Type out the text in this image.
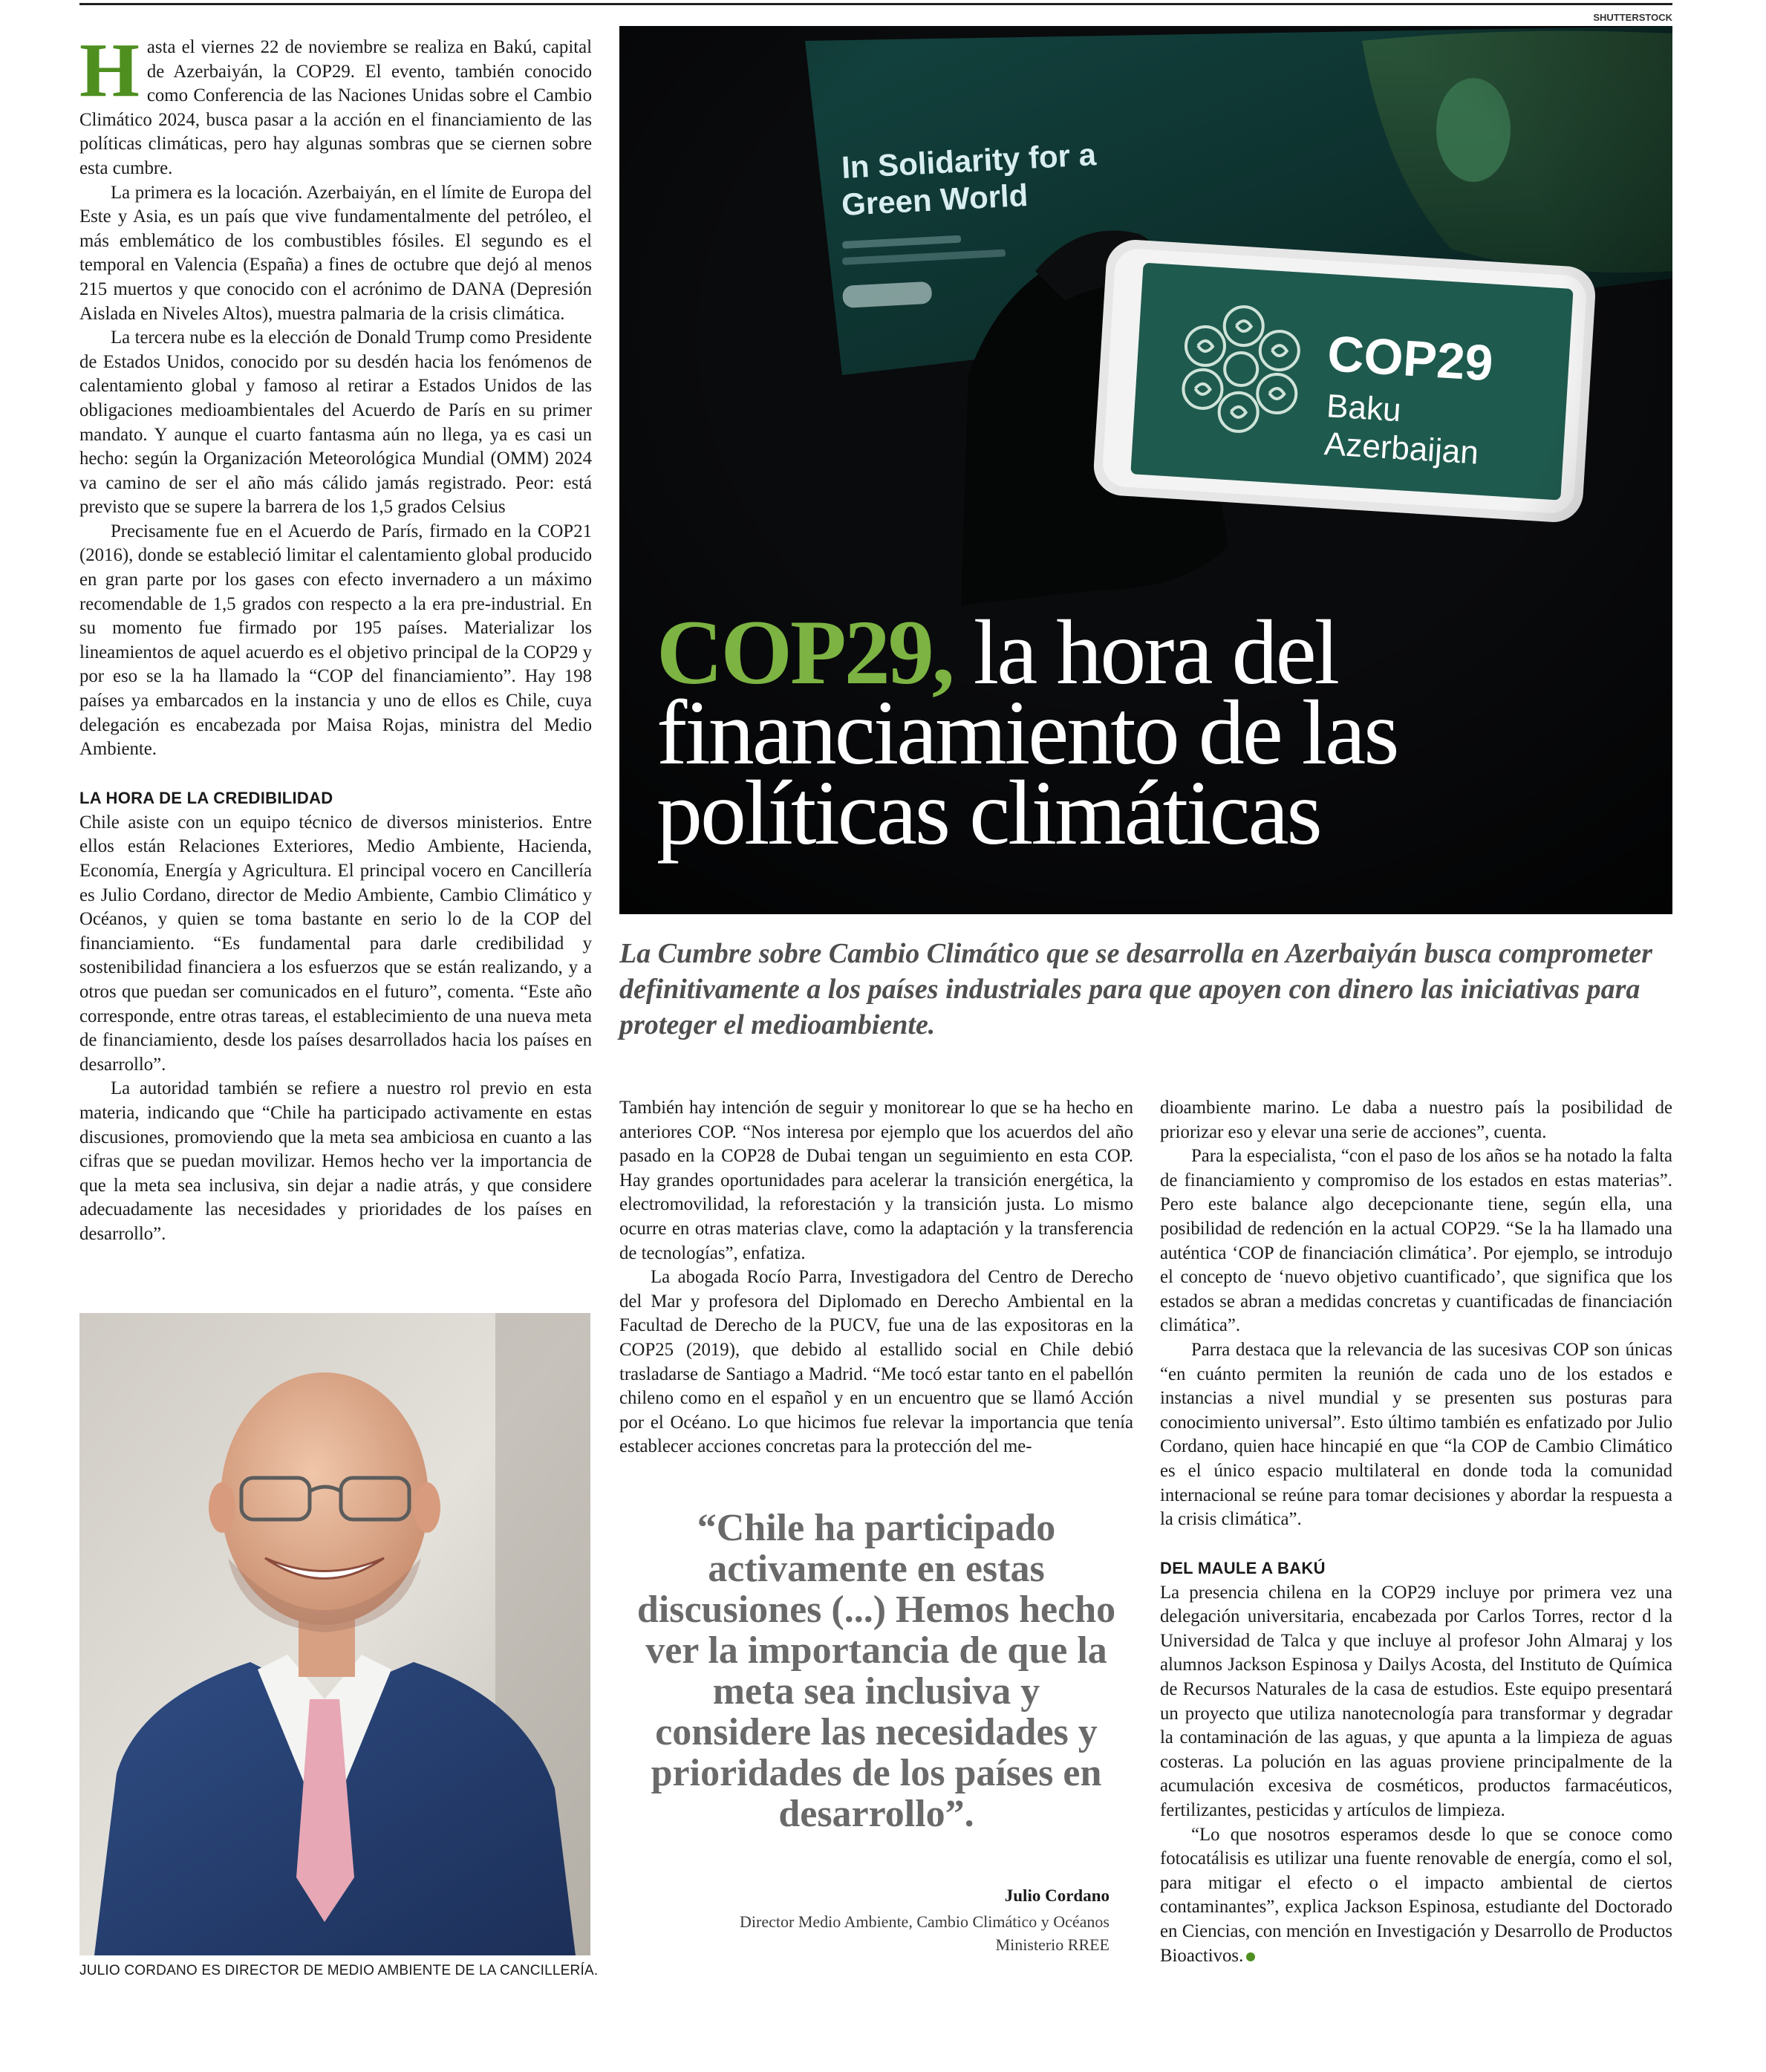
SHUTTERSTOCK

Hasta el viernes 22 de noviembre se realiza en Bakú, capital de Azerbaiyán, la COP29. El evento, también conocido como Conferencia de las Naciones Unidas sobre el Cambio Climático 2024, busca pasar a la acción en el financiamiento de las políticas climáticas, pero hay algunas sombras que se ciernen sobre esta cumbre.

La primera es la locación. Azerbaiyán, en el límite de Europa del Este y Asia, es un país que vive fundamentalmente del petróleo, el más emblemático de los combustibles fósiles. El segundo es el temporal en Valencia (España) a fines de octubre que dejó al menos 215 muertos y que conocido con el acrónimo de DANA (Depresión Aislada en Niveles Altos), muestra palmaria de la crisis climática.

La tercera nube es la elección de Donald Trump como Presidente de Estados Unidos, conocido por su desdén hacia los fenómenos de calentamiento global y famoso al retirar a Estados Unidos de las obligaciones medioambientales del Acuerdo de París en su primer mandato. Y aunque el cuarto fantasma aún no llega, ya es casi un hecho: según la Organización Meteorológica Mundial (OMM) 2024 va camino de ser el año más cálido jamás registrado. Peor: está previsto que se supere la barrera de los 1,5 grados Celsius

Precisamente fue en el Acuerdo de París, firmado en la COP21 (2016), donde se estableció limitar el calentamiento global producido en gran parte por los gases con efecto invernadero a un máximo recomendable de 1,5 grados con respecto a la era pre-industrial. En su momento fue firmado por 195 países. Materializar los lineamientos de aquel acuerdo es el objetivo principal de la COP29 y por eso se la ha llamado la “COP del financiamiento”. Hay 198 países ya embarcados en la instancia y uno de ellos es Chile, cuya delegación es encabezada por Maisa Rojas, ministra del Medio Ambiente.

LA HORA DE LA CREDIBILIDAD

Chile asiste con un equipo técnico de diversos ministerios. Entre ellos están Relaciones Exteriores, Medio Ambiente, Hacienda, Economía, Energía y Agricultura. El principal vocero en Cancillería es Julio Cordano, director de Medio Ambiente, Cambio Climático y Océanos, y quien se toma bastante en serio lo de la COP del financiamiento. “Es fundamental para darle credibilidad y sostenibilidad financiera a los esfuerzos que se están realizando, y a otros que puedan ser comunicados en el futuro”, comenta. “Este año corresponde, entre otras tareas, el establecimiento de una nueva meta de financiamiento, desde los países desarrollados hacia los países en desarrollo”.

La autoridad también se refiere a nuestro rol previo en esta materia, indicando que “Chile ha participado activamente en estas discusiones, promoviendo que la meta sea ambiciosa en cuanto a las cifras que se puedan movilizar. Hemos hecho ver la importancia de que la meta sea inclusiva, sin dejar a nadie atrás, y que considere adecuadamente las necesidades y prioridades de los países en desarrollo”.

COP29, la hora del financiamiento de las políticas climáticas

La Cumbre sobre Cambio Climático que se desarrolla en Azerbaiyán busca comprometer definitivamente a los países industriales para que apoyen con dinero las iniciativas para proteger el medioambiente.

JULIO CORDANO ES DIRECTOR DE MEDIO AMBIENTE DE LA CANCILLERÍA.

También hay intención de seguir y monitorear lo que se ha hecho en anteriores COP. “Nos interesa por ejemplo que los acuerdos del año pasado en la COP28 de Dubai tengan un seguimiento en esta COP. Hay grandes oportunidades para acelerar la transición energética, la electromovilidad, la reforestación y la transición justa. Lo mismo ocurre en otras materias clave, como la adaptación y la transferencia de tecnologías”, enfatiza.

La abogada Rocío Parra, Investigadora del Centro de Derecho del Mar y profesora del Diplomado en Derecho Ambiental en la Facultad de Derecho de la PUCV, fue una de las expositoras en la COP25 (2019), que debido al estallido social en Chile debió trasladarse de Santiago a Madrid. “Me tocó estar tanto en el pabellón chileno como en el español y en un encuentro que se llamó Acción por el Océano. Lo que hicimos fue relevar la importancia que tenía establecer acciones concretas para la protección del me-

“Chile ha participado activamente en estas discusiones (...) Hemos hecho ver la importancia de que la meta sea inclusiva y considere las necesidades y prioridades de los países en desarrollo”.

Julio Cordano
Director Medio Ambiente, Cambio Climático y Océanos
Ministerio RREE

dioambiente marino. Le daba a nuestro país la posibilidad de priorizar eso y elevar una serie de acciones”, cuenta.

Para la especialista, “con el paso de los años se ha notado la falta de financiamiento y compromiso de los estados en estas materias”. Pero este balance algo decepcionante tiene, según ella, una posibilidad de redención en la actual COP29. “Se la ha llamado una auténtica ‘COP de financiación climática’. Por ejemplo, se introdujo el concepto de ‘nuevo objetivo cuantificado’, que significa que los estados se abran a medidas concretas y cuantificadas de financiación climática”.

Parra destaca que la relevancia de las sucesivas COP son únicas “en cuánto permiten la reunión de cada uno de los estados e instancias a nivel mundial y se presenten sus posturas para conocimiento universal”. Esto último también es enfatizado por Julio Cordano, quien hace hincapié en que “la COP de Cambio Climático es el único espacio multilateral en donde toda la comunidad internacional se reúne para tomar decisiones y abordar la respuesta a la crisis climática”.

DEL MAULE A BAKÚ

La presencia chilena en la COP29 incluye por primera vez una delegación universitaria, encabezada por Carlos Torres, rector d la Universidad de Talca y que incluye al profesor John Almaraj y los alumnos Jackson Espinosa y Dailys Acosta, del Instituto de Química de Recursos Naturales de la casa de estudios. Este equipo presentará un proyecto que utiliza nanotecnología para transformar y degradar la contaminación de las aguas, y que apunta a la limpieza de aguas costeras. La polución en las aguas proviene principalmente de la acumulación excesiva de cosméticos, productos farmacéuticos, fertilizantes, pesticidas y artículos de limpieza.

“Lo que nosotros esperamos desde lo que se conoce como fotocatálisis es utilizar una fuente renovable de energía, como el sol, para mitigar el efecto o el impacto ambiental de ciertos contaminantes”, explica Jackson Espinosa, estudiante del Doctorado en Ciencias, con mención en Investigación y Desarrollo de Productos Bioactivos.
